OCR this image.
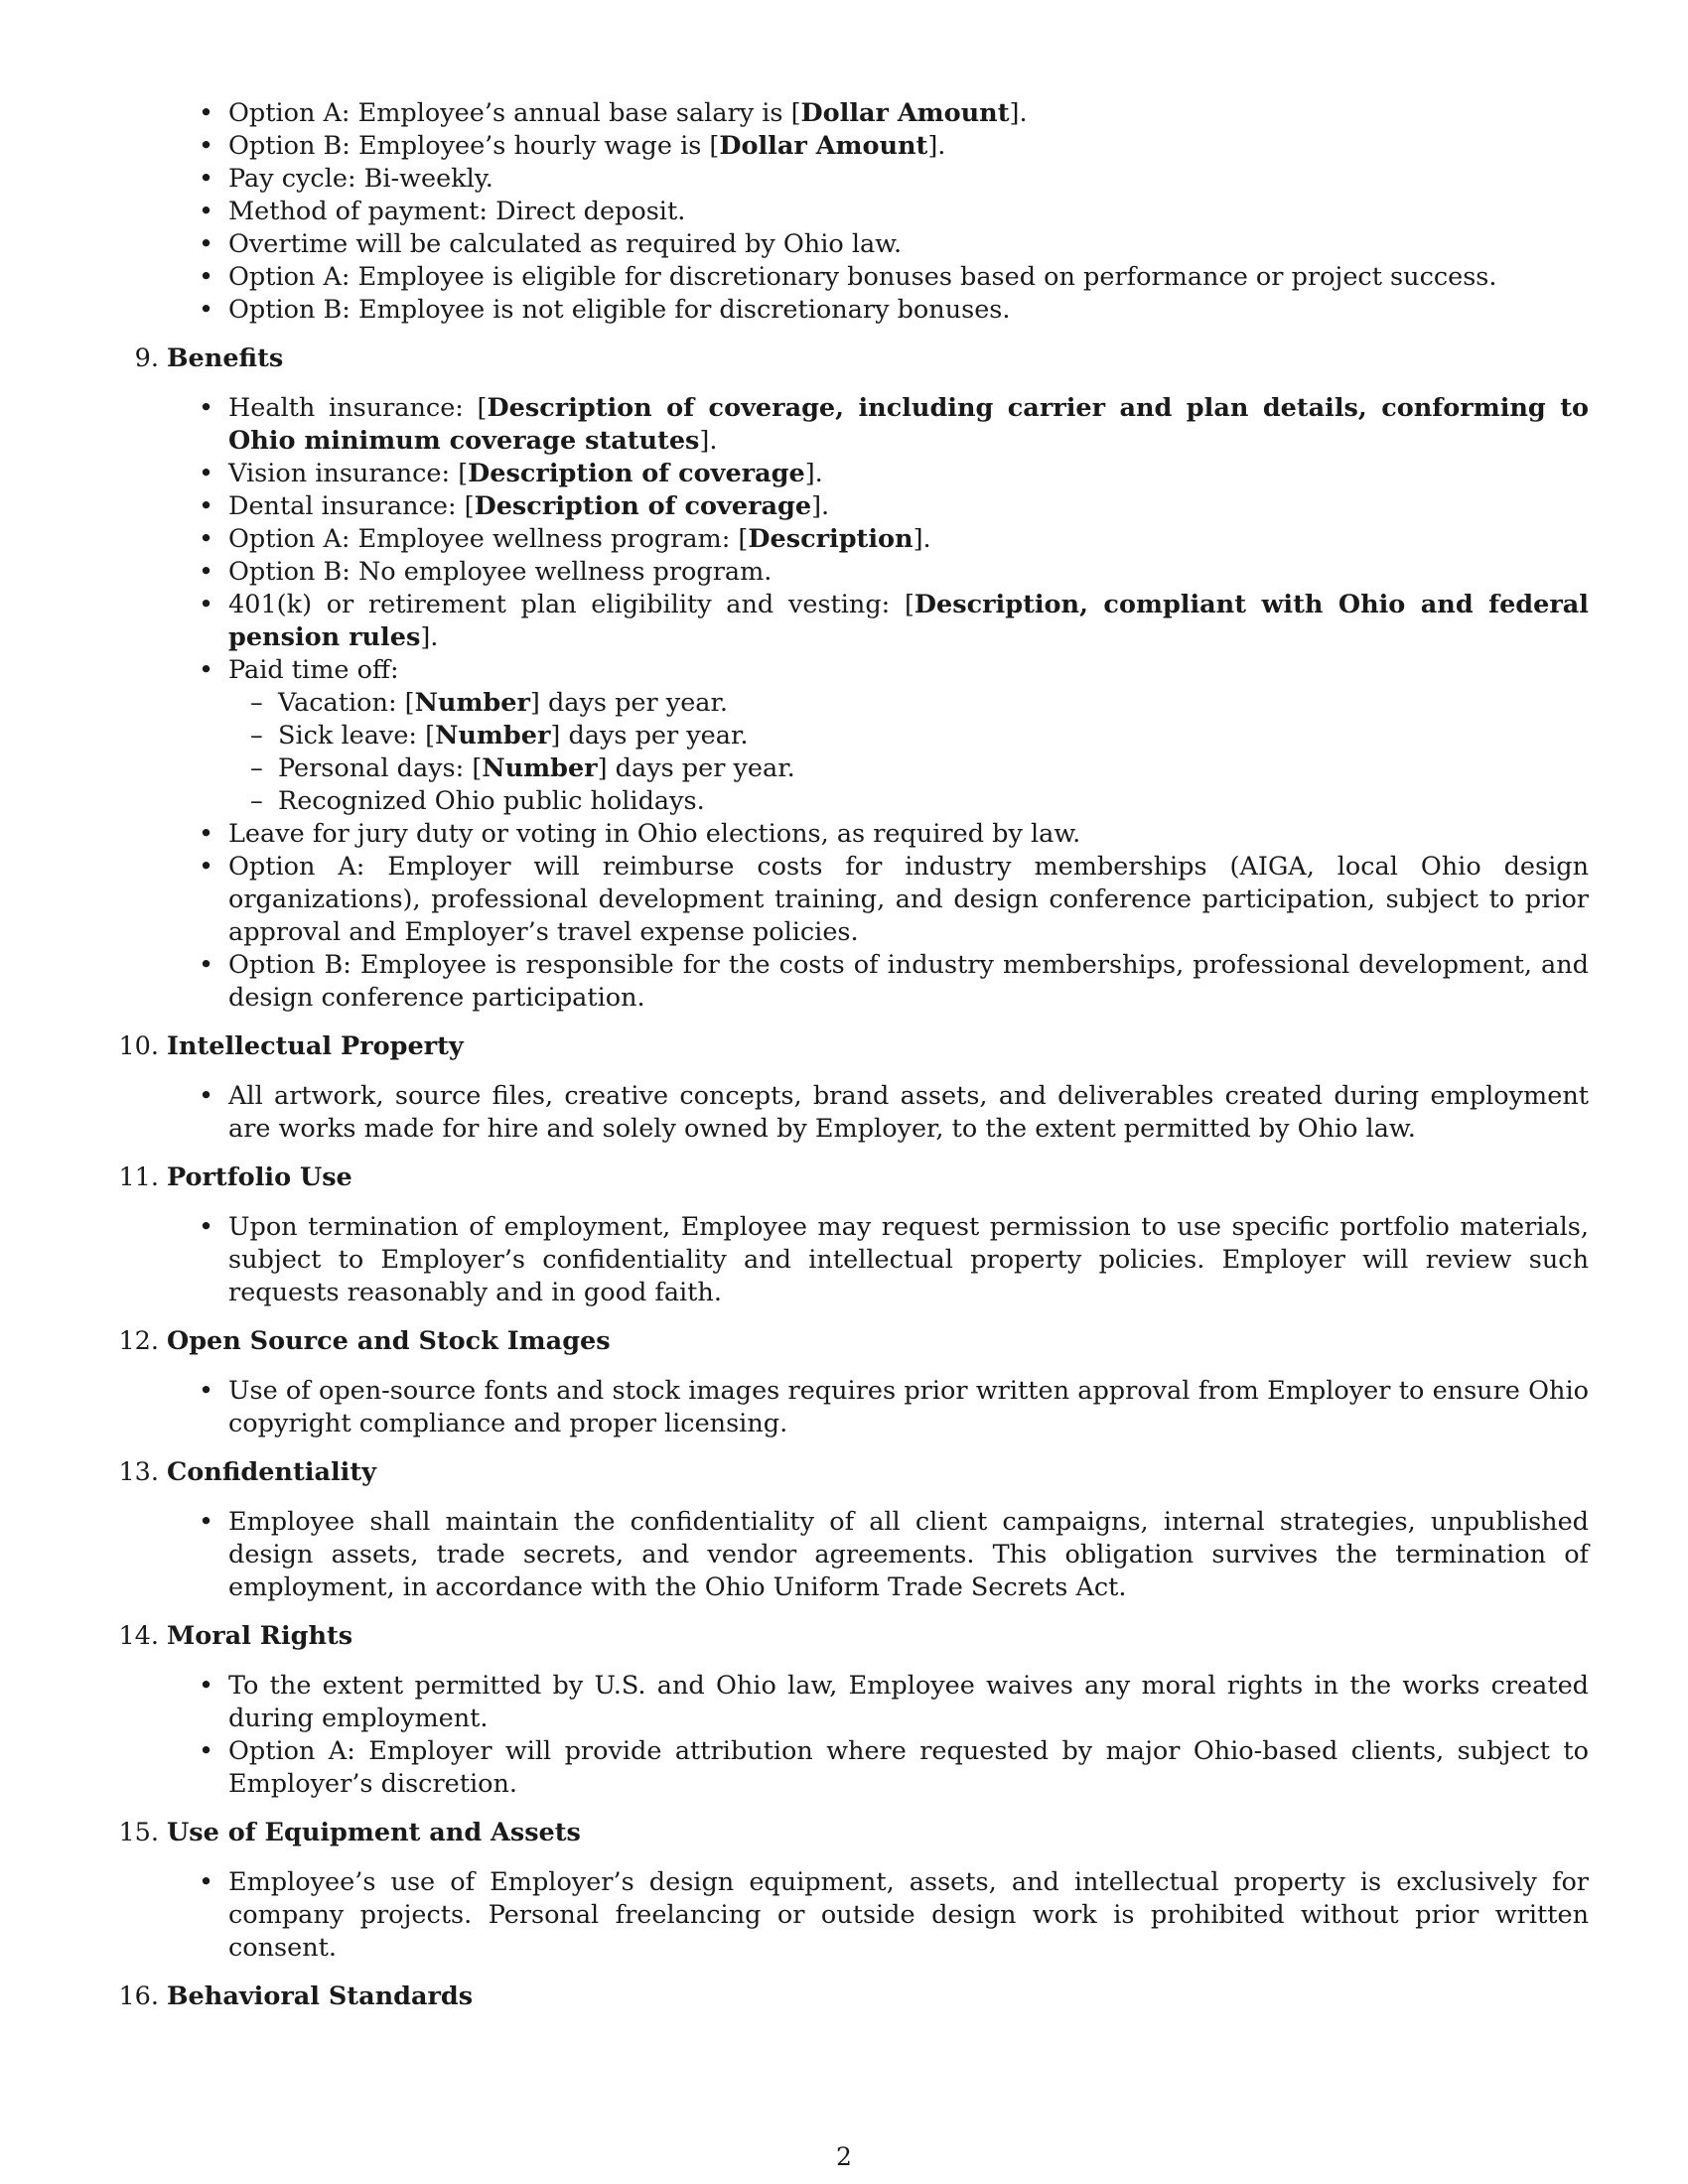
• Option A: Employee’s annual base salary is [Dollar Amount].
• Option B: Employee’s hourly wage is [Dollar Amount].
• Pay cycle: Bi-weekly.
• Method of payment: Direct deposit.
• Overtime will be calculated as required by Ohio law.
• Option A: Employee is eligible for discretionary bonuses based on performance or project success.
• Option B: Employee is not eligible for discretionary bonuses.
9. Benefits
• Health insurance: [Description of coverage, including carrier and plan details, conforming to Ohio minimum coverage statutes].
• Vision insurance: [Description of coverage].
• Dental insurance: [Description of coverage].
• Option A: Employee wellness program: [Description].
• Option B: No employee wellness program.
• 401(k) or retirement plan eligibility and vesting: [Description, compliant with Ohio and federal pension rules].
• Paid time off:
– Vacation: [Number] days per year.
– Sick leave: [Number] days per year.
– Personal days: [Number] days per year.
– Recognized Ohio public holidays.
• Leave for jury duty or voting in Ohio elections, as required by law.
• Option A: Employer will reimburse costs for industry memberships (AIGA, local Ohio design organizations), professional development training, and design conference participation, subject to prior approval and Employer’s travel expense policies.
• Option B: Employee is responsible for the costs of industry memberships, professional development, and design conference participation.
10. Intellectual Property
• All artwork, source files, creative concepts, brand assets, and deliverables created during employment are works made for hire and solely owned by Employer, to the extent permitted by Ohio law.
11. Portfolio Use
• Upon termination of employment, Employee may request permission to use specific portfolio materials, subject to Employer’s confidentiality and intellectual property policies. Employer will review such requests reasonably and in good faith.
12. Open Source and Stock Images
• Use of open-source fonts and stock images requires prior written approval from Employer to ensure Ohio copyright compliance and proper licensing.
13. Confidentiality
• Employee shall maintain the confidentiality of all client campaigns, internal strategies, unpublished design assets, trade secrets, and vendor agreements. This obligation survives the termination of employment, in accordance with the Ohio Uniform Trade Secrets Act.
14. Moral Rights
• To the extent permitted by U.S. and Ohio law, Employee waives any moral rights in the works created during employment.
• Option A: Employer will provide attribution where requested by major Ohio-based clients, subject to Employer’s discretion.
15. Use of Equipment and Assets
• Employee’s use of Employer’s design equipment, assets, and intellectual property is exclusively for company projects. Personal freelancing or outside design work is prohibited without prior written consent.
16. Behavioral Standards
2
